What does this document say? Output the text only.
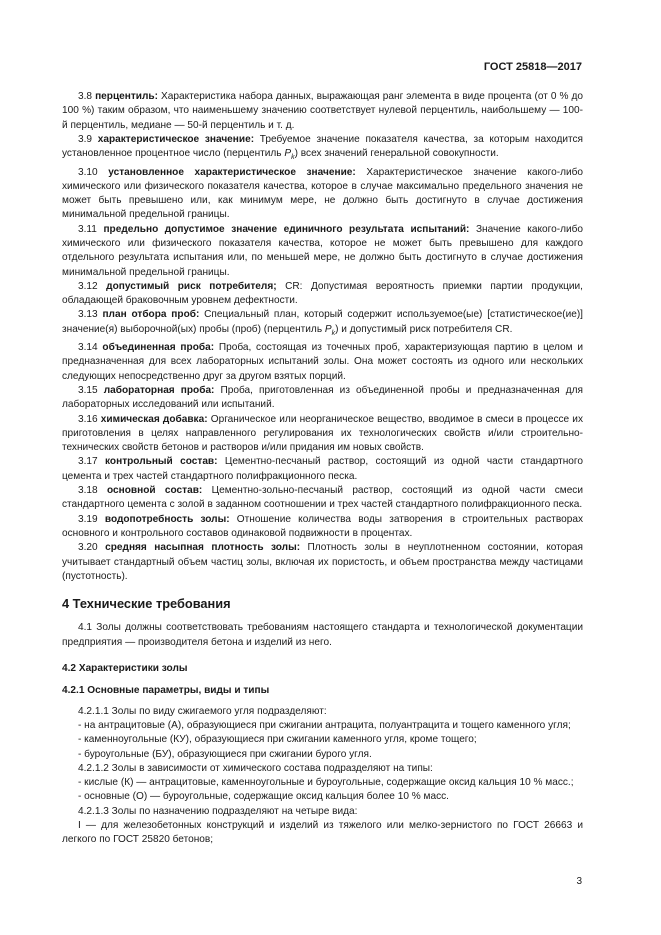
ГОСТ 25818—2017

3.8 перцентиль: Характеристика набора данных, выражающая ранг элемента в виде процента (от 0 % до 100 %) таким образом, что наименьшему значению соответствует нулевой перцентиль, наибольшему — 100-й перцентиль, медиане — 50-й перцентиль и т. д.

3.9 характеристическое значение: Требуемое значение показателя качества, за которым находится установленное процентное число (перцентиль $P_k$) всех значений генеральной совокупности.

3.10 установленное характеристическое значение: Характеристическое значение какого-либо химического или физического показателя качества, которое в случае максимально предельного значения не может быть превышено или, как минимум мере, не должно быть достигнуто в случае достижения минимальной предельной границы.

3.11 предельно допустимое значение единичного результата испытаний: Значение какого-либо химического или физического показателя качества, которое не может быть превышено для каждого отдельного результата испытания или, по меньшей мере, не должно быть достигнуто в случае достижения минимальной предельной границы.

3.12 допустимый риск потребителя; CR: Допустимая вероятность приемки партии продукции, обладающей браковочным уровнем дефектности.

3.13 план отбора проб: Специальный план, который содержит используемое(ые) [статистическое(ие)] значение(я) выборочной(ых) пробы (проб) (перцентиль $P_k$) и допустимый риск потребителя CR.

3.14 объединенная проба: Проба, состоящая из точечных проб, характеризующая партию в целом и предназначенная для всех лабораторных испытаний золы. Она может состоять из одного или нескольких следующих непосредственно друг за другом взятых порций.

3.15 лабораторная проба: Проба, приготовленная из объединенной пробы и предназначенная для лабораторных исследований или испытаний.

3.16 химическая добавка: Органическое или неорганическое вещество, вводимое в смеси в процессе их приготовления в целях направленного регулирования их технологических свойств и/или строительно-технических свойств бетонов и растворов и/или придания им новых свойств.

3.17 контрольный состав: Цементно-песчаный раствор, состоящий из одной части стандартного цемента и трех частей стандартного полифракционного песка.

3.18 основной состав: Цементно-зольно-песчаный раствор, состоящий из одной части смеси стандартного цемента с золой в заданном соотношении и трех частей стандартного полифракционного песка.

3.19 водопотребность золы: Отношение количества воды затворения в строительных растворах основного и контрольного составов одинаковой подвижности в процентах.

3.20 средняя насыпная плотность золы: Плотность золы в неуплотненном состоянии, которая учитывает стандартный объем частиц золы, включая их пористость, и объем пространства между частицами (пустотность).

4 Технические требования

4.1 Золы должны соответствовать требованиям настоящего стандарта и технологической документации предприятия — производителя бетона и изделий из него.

4.2 Характеристики золы
4.2.1 Основные параметры, виды и типы

4.2.1.1 Золы по виду сжигаемого угля подразделяют:

- на антрацитовые (А), образующиеся при сжигании антрацита, полуантрацита и тощего каменного угля;

- каменноугольные (КУ), образующиеся при сжигании каменного угля, кроме тощего;

- буроугольные (БУ), образующиеся при сжигании бурого угля.

4.2.1.2 Золы в зависимости от химического состава подразделяют на типы:

- кислые (К) — антрацитовые, каменноугольные и буроугольные, содержащие оксид кальция 10 % масс.;

- основные (О) — буроугольные, содержащие оксид кальция более 10 % масс.

4.2.1.3 Золы по назначению подразделяют на четыре вида:

I — для железобетонных конструкций и изделий из тяжелого или мелко-зернистого по ГОСТ 26663 и легкого по ГОСТ 25820 бетонов;

3
